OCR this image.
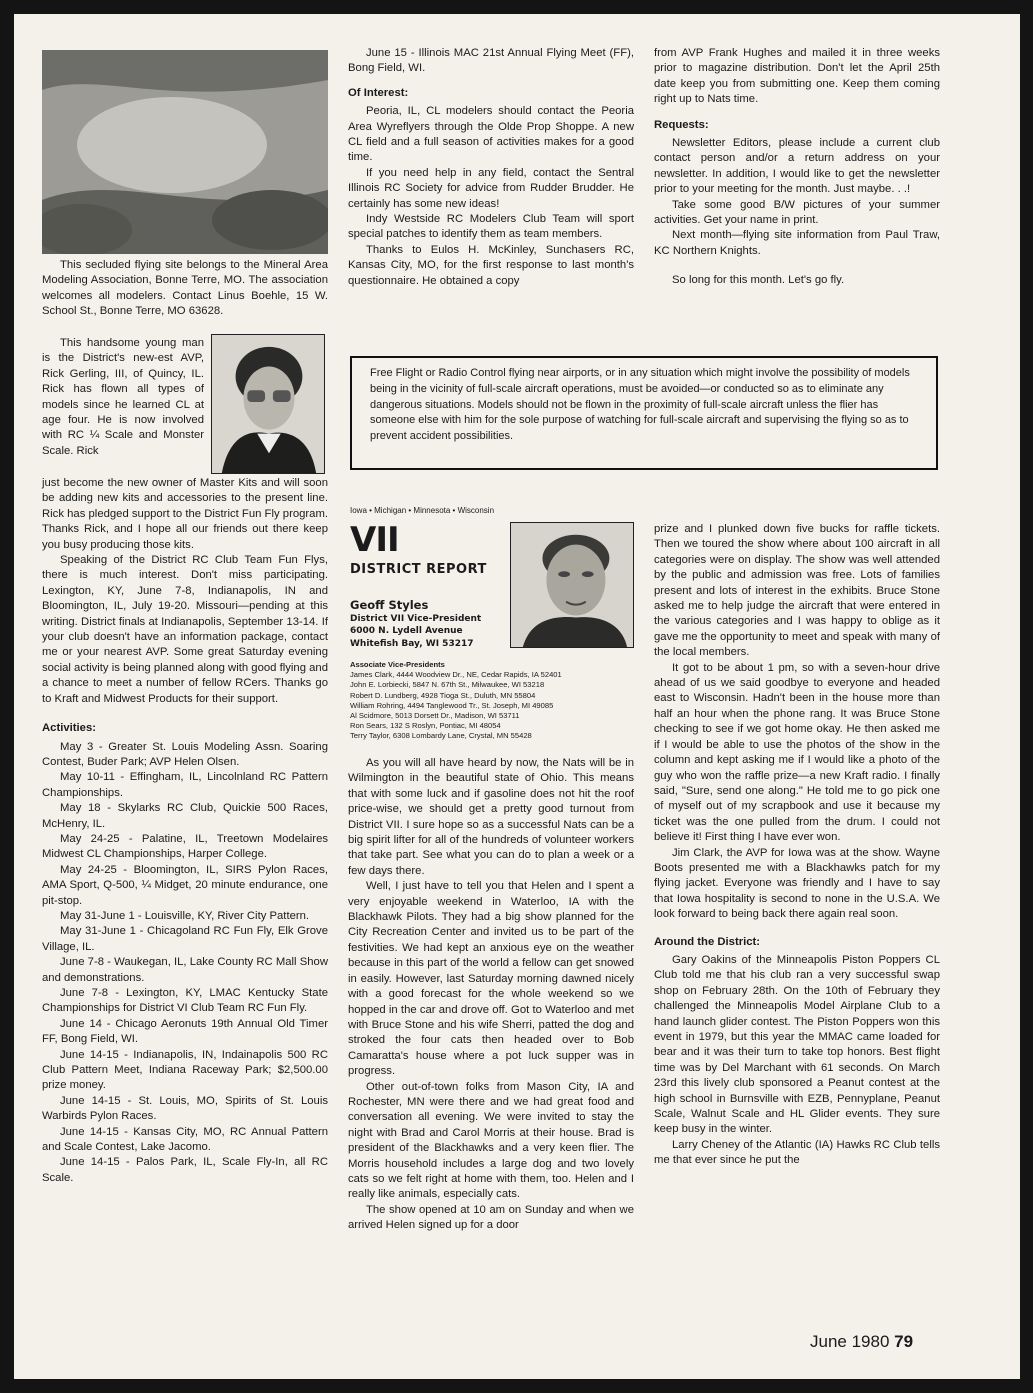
This secluded flying site belongs to the Mineral Area Modeling Association, Bonne Terre, MO. The association welcomes all modelers. Contact Linus Boehle, 15 W. School St., Bonne Terre, MO 63628.

This handsome young man is the District's new-est AVP, Rick Gerling, III, of Quincy, IL. Rick has flown all types of models since he learned CL at age four. He is now involved with RC ¼ Scale and Monster Scale. Rick

just become the new owner of Master Kits and will soon be adding new kits and accessories to the present line. Rick has pledged support to the District Fun Fly program. Thanks Rick, and I hope all our friends out there keep you busy producing those kits.

Speaking of the District RC Club Team Fun Flys, there is much interest. Don't miss participating. Lexington, KY, June 7-8, Indianapolis, IN and Bloomington, IL, July 19-20. Missouri—pending at this writing. District finals at Indianapolis, September 13-14. If your club doesn't have an information package, contact me or your nearest AVP. Some great Saturday evening social activity is being planned along with good flying and a chance to meet a number of fellow RCers. Thanks go to Kraft and Midwest Products for their support.

Activities:

May 3 - Greater St. Louis Modeling Assn. Soaring Contest, Buder Park; AVP Helen Olsen.

May 10-11 - Effingham, IL, Lincolnland RC Pattern Championships.

May 18 - Skylarks RC Club, Quickie 500 Races, McHenry, IL.

May 24-25 - Palatine, IL, Treetown Modelaires Midwest CL Championships, Harper College.

May 24-25 - Bloomington, IL, SIRS Pylon Races, AMA Sport, Q-500, ¼ Midget, 20 minute endurance, one pit-stop.

May 31-June 1 - Louisville, KY, River City Pattern.

May 31-June 1 - Chicagoland RC Fun Fly, Elk Grove Village, IL.

June 7-8 - Waukegan, IL, Lake County RC Mall Show and demonstrations.

June 7-8 - Lexington, KY, LMAC Kentucky State Championships for District VI Club Team RC Fun Fly.

June 14 - Chicago Aeronuts 19th Annual Old Timer FF, Bong Field, WI.

June 14-15 - Indianapolis, IN, Indainapolis 500 RC Club Pattern Meet, Indiana Raceway Park; $2,500.00 prize money.

June 14-15 - St. Louis, MO, Spirits of St. Louis Warbirds Pylon Races.

June 14-15 - Kansas City, MO, RC Annual Pattern and Scale Contest, Lake Jacomo.

June 14-15 - Palos Park, IL, Scale Fly-In, all RC Scale.

June 15 - Illinois MAC 21st Annual Flying Meet (FF), Bong Field, WI.

Of Interest:

Peoria, IL, CL modelers should contact the Peoria Area Wyreflyers through the Olde Prop Shoppe. A new CL field and a full season of activities makes for a good time.

If you need help in any field, contact the Sentral Illinois RC Society for advice from Rudder Brudder. He certainly has some new ideas!

Indy Westside RC Modelers Club Team will sport special patches to identify them as team members.

Thanks to Eulos H. McKinley, Sunchasers RC, Kansas City, MO, for the first response to last month's questionnaire. He obtained a copy

from AVP Frank Hughes and mailed it in three weeks prior to magazine distribution. Don't let the April 25th date keep you from submitting one. Keep them coming right up to Nats time.

Requests:

Newsletter Editors, please include a current club contact person and/or a return address on your newsletter. In addition, I would like to get the newsletter prior to your meeting for the month. Just maybe. . .!

Take some good B/W pictures of your summer activities. Get your name in print.

Next month—flying site information from Paul Traw, KC Northern Knights.

So long for this month. Let's go fly.

Free Flight or Radio Control flying near airports, or in any situation which might involve the possibility of models being in the vicinity of full-scale aircraft operations, must be avoided—or conducted so as to eliminate any dangerous situations. Models should not be flown in the proximity of full-scale aircraft unless the flier has someone else with him for the sole purpose of watching for full-scale aircraft and supervising the flying so as to prevent accident possibilities.
Iowa • Michigan • Minnesota • Wisconsin
VII
DISTRICT REPORT
Geoff Styles
District VII Vice-President
6000 N. Lydell Avenue
Whitefish Bay, WI 53217
Associate Vice-Presidents
James Clark, 4444 Woodview Dr., NE, Cedar Rapids, IA 52401
John E. Lorbiecki, 5847 N. 67th St., Milwaukee, WI 53218
Robert D. Lundberg, 4928 Tioga St., Duluth, MN 55804
William Rohring, 4494 Tanglewood Tr., St. Joseph, MI 49085
Al Scidmore, 5013 Dorsett Dr., Madison, WI 53711
Ron Sears, 132 S Roslyn, Pontiac, MI 48054
Terry Taylor, 6308 Lombardy Lane, Crystal, MN 55428

As you will all have heard by now, the Nats will be in Wilmington in the beautiful state of Ohio. This means that with some luck and if gasoline does not hit the roof price-wise, we should get a pretty good turnout from District VII. I sure hope so as a successful Nats can be a big spirit lifter for all of the hundreds of volunteer workers that take part. See what you can do to plan a week or a few days there.

Well, I just have to tell you that Helen and I spent a very enjoyable weekend in Waterloo, IA with the Blackhawk Pilots. They had a big show planned for the City Recreation Center and invited us to be part of the festivities. We had kept an anxious eye on the weather because in this part of the world a fellow can get snowed in easily. However, last Saturday morning dawned nicely with a good forecast for the whole weekend so we hopped in the car and drove off. Got to Waterloo and met with Bruce Stone and his wife Sherri, patted the dog and stroked the four cats then headed over to Bob Camaratta's house where a pot luck supper was in progress.

Other out-of-town folks from Mason City, IA and Rochester, MN were there and we had great food and conversation all evening. We were invited to stay the night with Brad and Carol Morris at their house. Brad is president of the Blackhawks and a very keen flier. The Morris household includes a large dog and two lovely cats so we felt right at home with them, too. Helen and I really like animals, especially cats.

The show opened at 10 am on Sunday and when we arrived Helen signed up for a door

prize and I plunked down five bucks for raffle tickets. Then we toured the show where about 100 aircraft in all categories were on display. The show was well attended by the public and admission was free. Lots of families present and lots of interest in the exhibits. Bruce Stone asked me to help judge the aircraft that were entered in the various categories and I was happy to oblige as it gave me the opportunity to meet and speak with many of the local members.

It got to be about 1 pm, so with a seven-hour drive ahead of us we said goodbye to everyone and headed east to Wisconsin. Hadn't been in the house more than half an hour when the phone rang. It was Bruce Stone checking to see if we got home okay. He then asked me if I would be able to use the photos of the show in the column and kept asking me if I would like a photo of the guy who won the raffle prize—a new Kraft radio. I finally said, "Sure, send one along." He told me to go pick one of myself out of my scrapbook and use it because my ticket was the one pulled from the drum. I could not believe it! First thing I have ever won.

Jim Clark, the AVP for Iowa was at the show. Wayne Boots presented me with a Blackhawks patch for my flying jacket. Everyone was friendly and I have to say that Iowa hospitality is second to none in the U.S.A. We look forward to being back there again real soon.

Around the District:

Gary Oakins of the Minneapolis Piston Poppers CL Club told me that his club ran a very successful swap shop on February 28th. On the 10th of February they challenged the Minneapolis Model Airplane Club to a hand launch glider contest. The Piston Poppers won this event in 1979, but this year the MMAC came loaded for bear and it was their turn to take top honors. Best flight time was by Del Marchant with 61 seconds. On March 23rd this lively club sponsored a Peanut contest at the high school in Burnsville with EZB, Pennyplane, Peanut Scale, Walnut Scale and HL Glider events. They sure keep busy in the winter.

Larry Cheney of the Atlantic (IA) Hawks RC Club tells me that ever since he put the

June 1980 79
